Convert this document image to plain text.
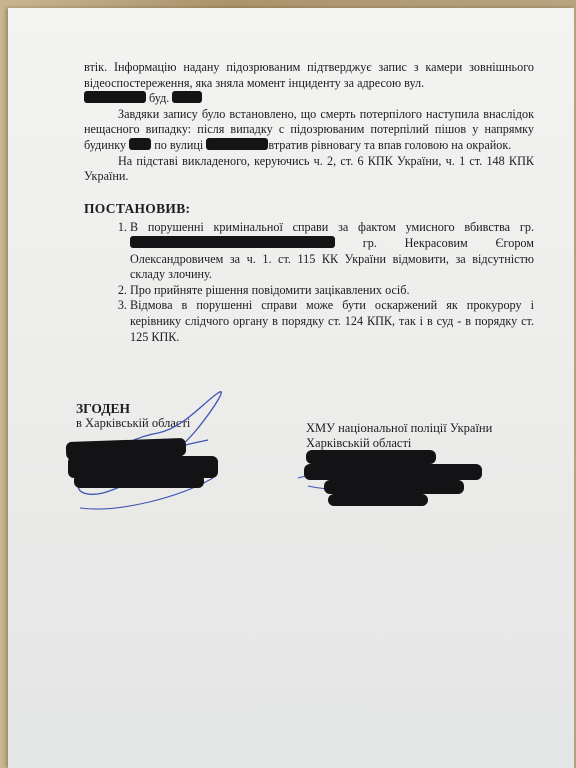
втік. Інформацію надану підозрюваним підтверджує запис з камери зовнішнього відеоспостереження, яка зняла момент інциденту за адресою вул.
буд.

Завдяки запису було встановлено, що смерть потерпілого наступила внаслідок нещасного випадку: після випадку с підозрюваним потерпілий пішов у напрямку будинку по вулиці	втратив рівновагу та впав головою на окрайок.

На підставі викладеного, керуючись ч. 2, ст. 6 КПК України, ч. 1 ст. 148 КПК України.

ПОСТАНОВИВ:

1. В порушенні кримінальної справи за фактом умисного вбивства гр.  гр. Некрасовим Єгором Олександровичем за ч. 1. ст. 115 КК України відмовити, за відсутністю складу злочину.
2. Про прийняте рішення повідомити зацікавлених осіб.
3. Відмова в порушенні справи може бути оскаржений як прокурору і керівнику слідчого органу в порядку ст. 124 КПК, так і в суд - в порядку ст. 125 КПК.
ЗГОДЕН
в Харківській області	ХМУ національної поліції України
Харківській області
